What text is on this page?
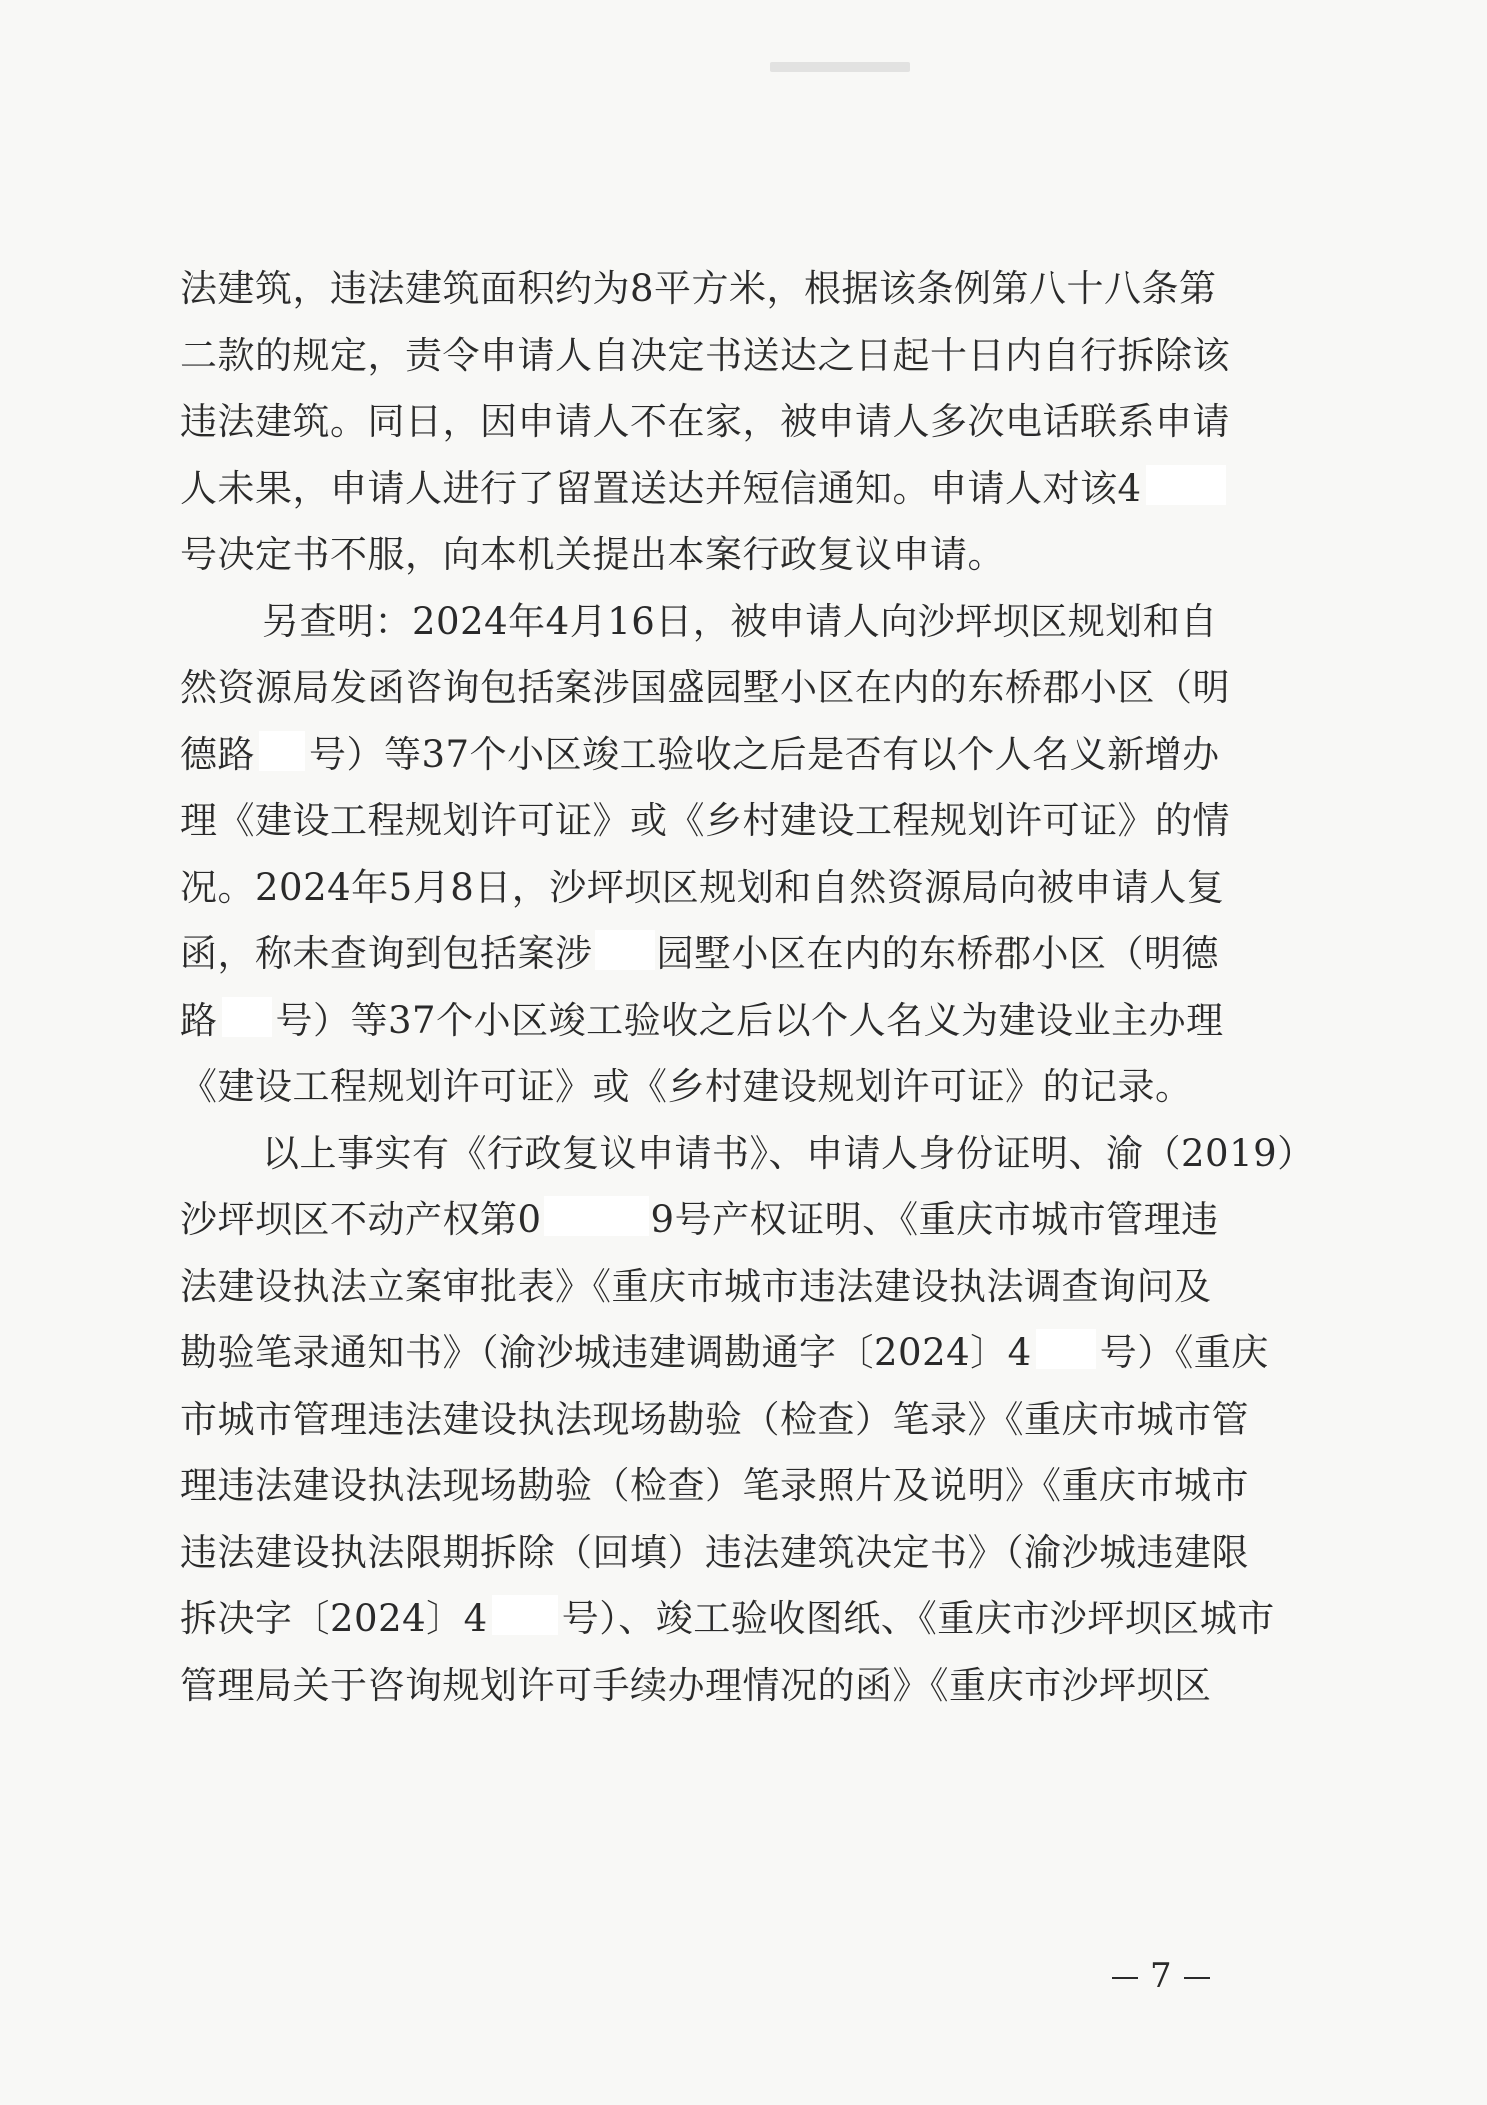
法建筑，违法建筑面积约为8平方米，根据该条例第八十八条第
二款的规定，责令申请人自决定书送达之日起十日内自行拆除该
违法建筑。同日，因申请人不在家，被申请人多次电话联系申请
人未果，申请人进行了留置送达并短信通知。申请人对该4
号决定书不服，向本机关提出本案行政复议申请。
另查明：2024年4月16日，被申请人向沙坪坝区规划和自
然资源局发函咨询包括案涉国盛园墅小区在内的东桥郡小区（明
德路 号）等37个小区竣工验收之后是否有以个人名义新增办
理《建设工程规划许可证》或《乡村建设工程规划许可证》的情
况。2024年5月8日，沙坪坝区规划和自然资源局向被申请人复
函，称未查询到包括案涉 园墅小区在内的东桥郡小区（明德
路 号）等37个小区竣工验收之后以个人名义为建设业主办理
《建设工程规划许可证》或《乡村建设规划许可证》的记录。
以上事实有《行政复议申请书》、申请人身份证明、渝（2019）
沙坪坝区不动产权第0	9号产权证明、《重庆市城市管理违
法建设执法立案审批表》《重庆市城市违法建设执法调查询问及
勘验笔录通知书》（渝沙城违建调勘通字〔2024〕4 号）《重庆
市城市管理违法建设执法现场勘验（检查）笔录》《重庆市城市管
理违法建设执法现场勘验（检查）笔录照片及说明》《重庆市城市
违法建设执法限期拆除（回填）违法建筑决定书》（渝沙城违建限
拆决字〔2024〕4 号）、竣工验收图纸、《重庆市沙坪坝区城市
管理局关于咨询规划许可手续办理情况的函》《重庆市沙坪坝区
7
